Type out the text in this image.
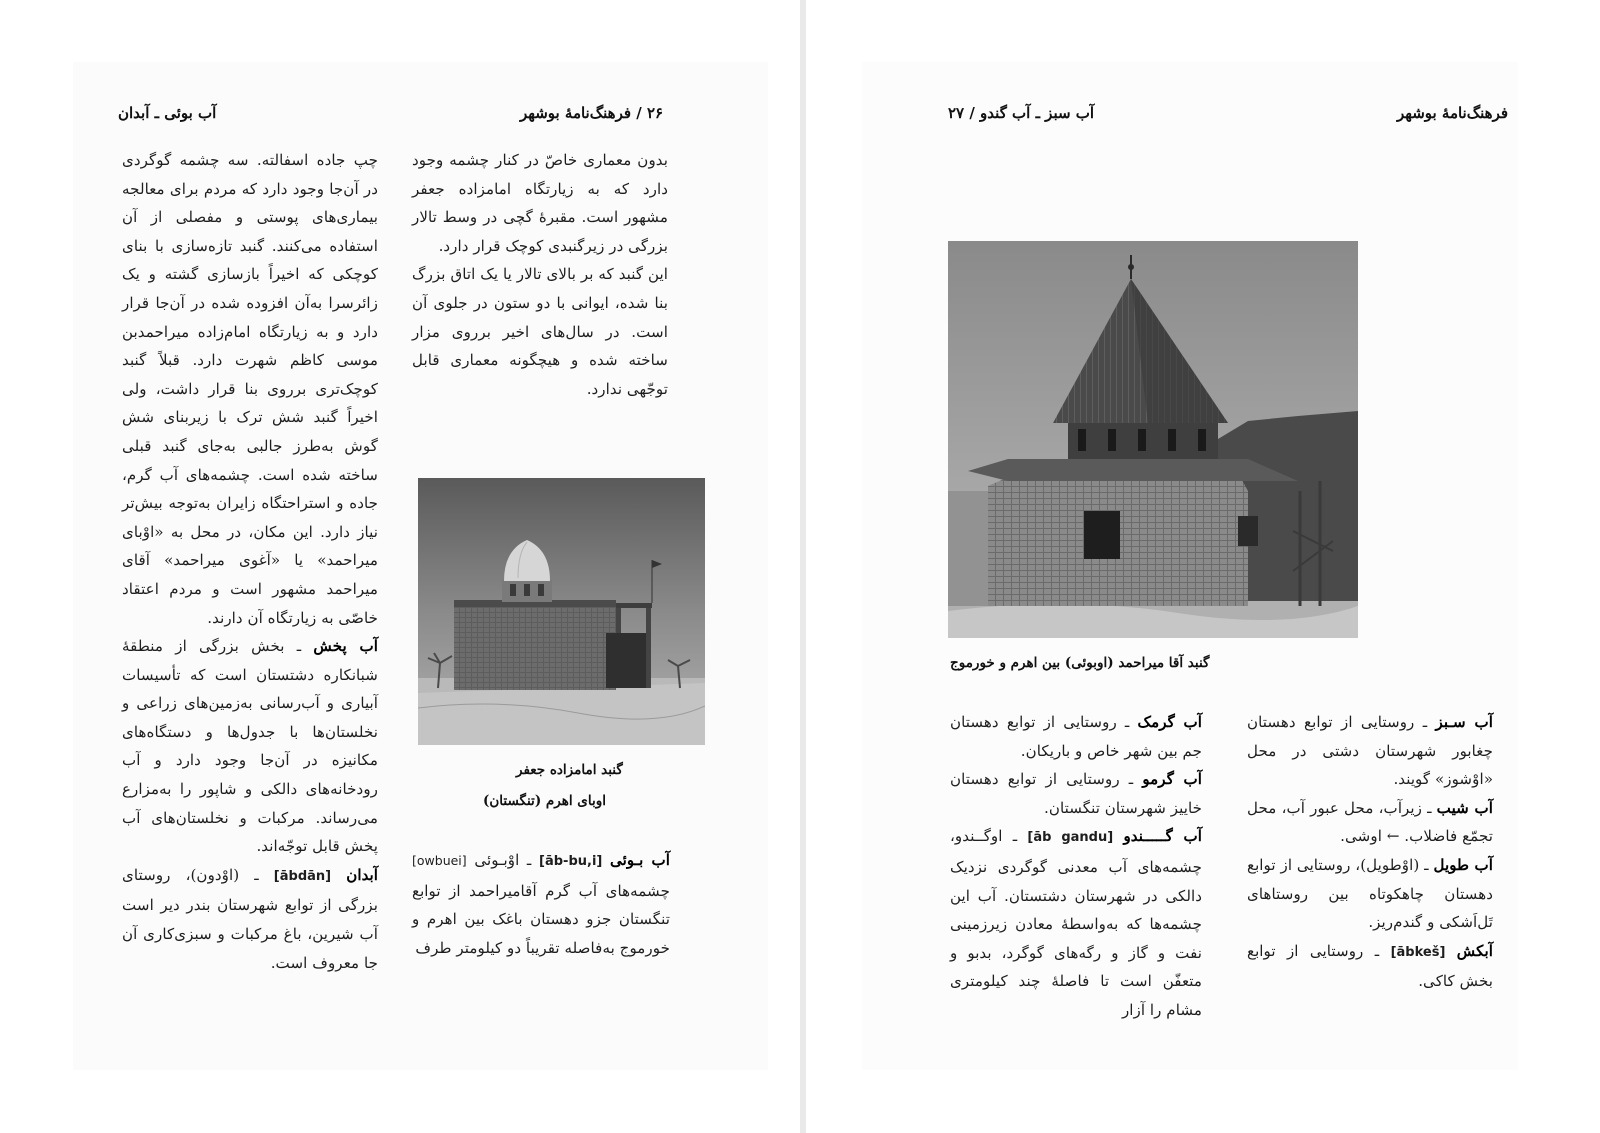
۲۶ / فرهنگ‌نامهٔ بوشهر
آب بوئی ـ آبدان

بدون معماری خاصّ در کنار چشمه وجود دارد که به زیارتگاه امامزاده جعفر مشهور است. مقبرهٔ گچی در وسط تالار بزرگی در زیرگنبدی کوچک قرار دارد.

این گنبد که بر بالای تالار یا یک اتاق بزرگ بنا شده، ایوانی با دو ستون در جلوی آن است. در سال‌های اخیر برروی مزار ساخته شده و هیچگونه معماری قابل توجّهی ندارد.

گنبد امامزاده جعفر
اوبای اهرم (تنگستان)

آب بـوئی [āb-bu,i] ـ اوْبـوئی [owbuei] چشمه‌های آب گرم آقامیراحمد از توابع تنگستان جزو دهستان باغک بین اهرم و خورموج به‌فاصله تقریباً دو کیلومتر طرف

چپ جاده اسفالته. سه چشمه گوگردی در آن‌جا وجود دارد که مردم برای معالجه بیماری‌های پوستی و مفصلی از آن استفاده می‌کنند. گنبد تازه‌سازی با بنای کوچکی که اخیراً بازسازی گشته و یک زائرسرا به‌آن افزوده شده در آن‌جا قرار دارد و به زیارتگاه امام‌زاده میراحمدبن موسی کاظم شهرت دارد. قبلاً گنبد کوچک‌تری برروی بنا قرار داشت، ولی اخیراً گنبد شش ترک با زیربنای شش گوش به‌طرز جالبی به‌جای گنبد قبلی ساخته شده است. چشمه‌های آب گرم، جاده و استراحتگاه زایران به‌توجه بیش‌تر نیاز دارد. این مکان، در محل به «اوْبای میراحمد» یا «آغوی میراحمد» آقای میراحمد مشهور است و مردم اعتقاد خاصّی به زیارتگاه آن دارند.

آب پخش ـ بخش بزرگی از منطقهٔ شبانکاره دشتستان است که تأسیسات آبیاری و آب‌رسانی به‌زمین‌های زراعی و نخلستان‌ها با جدول‌ها و دستگاه‌های مکانیزه در آن‌جا وجود دارد و آب رودخانه‌های دالکی و شاپور را به‌مزارع می‌رساند. مرکبات و نخلستان‌های آب پخش قابل توجّه‌اند.

آبدان [ābdān] ـ (اوْدون)، روستای بزرگی از توابع شهرستان بندر دیر است آب شیرین، باغ مرکبات و سبزی‌کاری آن جا معروف است.

آب سبز ـ آب گندو / ۲۷	فرهنگ‌نامهٔ بوشهر
گنبد آقا میراحمد (اوبوئی) بین اهرم و خورموج

آب سـبز ـ روستایی از توابع دهستان چغابور شهرستان دشتی در محل «اوْشوز» گویند.

آب شیب ـ زیرآب، محل عبور آب، محل تجمّع فاضلاب. ← اوشی.

آب طویل ـ (اوْطویل)، روستایی از توابع دهستان چاهکوتاه بین روستاهای تَل‌اَشکی و گندم‌ریز.

آبکش [ābkeš] ـ روستایی از توابع بخش کاکی.

آب گرمک ـ روستایی از توابع دهستان جم بین شهر خاص و باریکان.

آب گرمو ـ روستایی از توابع دهستان خاییز شهرستان تنگستان.

آب گـــــندو [āb gandu] ـ اوگــندو، چشمه‌های آب معدنی گوگردی نزدیک دالکی در شهرستان دشتستان. آب این چشمه‌ها که به‌واسطهٔ معادن زیرزمینی نفت و گاز و رگه‌های گوگرد، بدبو و متعفّن است تا فاصلهٔ چند کیلومتری مشام را آزار
